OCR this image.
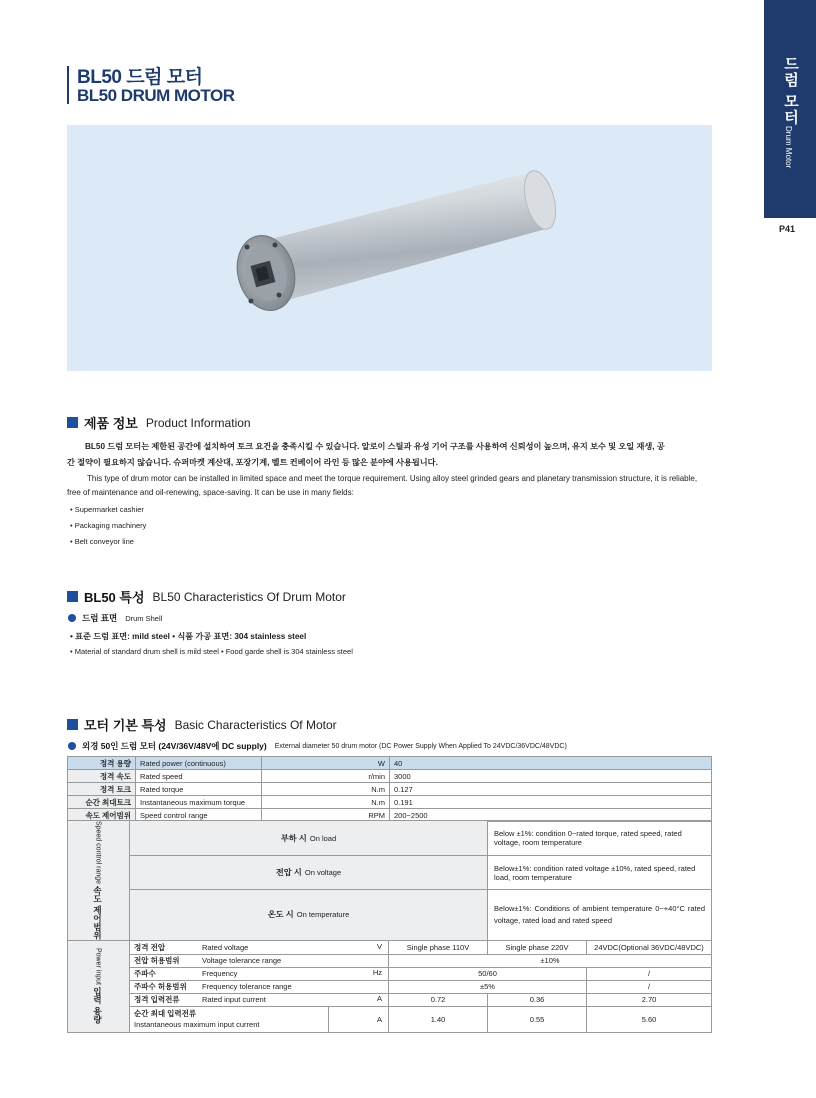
드럼 모터
Drum Motor
P41
BL50 드럼 모터
BL50 DRUM MOTOR
제품 정보 Product Information
BL50 드럼 모터는 제한된 공간에 설치하여 토크 요건을 충족시킬 수 있습니다. 알로이 스틸과 유성 기어 구조를 사용하여 신뢰성이 높으며, 유지 보수 및 오일 재생, 공
간 절약이 필요하지 않습니다. 슈퍼마켓 계산대, 포장기계, 벨트 컨베이어 라인 등 많은 분야에 사용됩니다.
This type of drum motor can be installed in limited space and meet the torque requirement. Using alloy steel grinded gears and planetary transmission structure, it is reliable,
free of maintenance and oil-renewing, space-saving. It can be use in many fields:
• Supermarket cashier
• Packaging machinery
• Belt conveyor line
BL50 특성 BL50 Characteristics Of Drum Motor
드럼 표면 Drum Shell
• 표준 드럼 표면: mild steel • 식품 가공 표면: 304 stainless steel
• Material of standard drum shell is mild steel • Food garde shell is 304 stainless steel
모터 기본 특성 Basic Characteristics Of Motor
외경 50인 드럼 모터 (24V/36V/48V에 DC supply) External diameter 50 drum motor (DC Power Supply When Applied To 24VDC/36VDC/48VDC)
정격 용량	Rated power (continuous)	W	40
정격 속도	Rated speed	r/min	3000
정격 토크	Rated torque	N.m	0.127
순간 최대토크	Instantaneous maximum torque	N.m	0.191
속도 제어범위	Speed control range	RPM	200~2500
Speed control range 속도 제어범위	부하 시 On load			Below ±1%: condition 0~rated torque, rated speed, rated voltage, room temperature	
	전압 시 On voltage			Below±1%: condition rated voltage ±10%, rated speed, rated load, room temperature	
	온도 시 On temperature			Below±1%: Conditions of ambient temperature 0~+40°C rated voltage, rated load and rated speed	
Power input 입력 용량	정격 전압 Rated voltage V		Single phase 110V	Single phase 220V	24VDC(Optional 36VDC/48VDC)
	전압 허용범위 Voltage tolerance range		±10%		
	주파수 Frequency Hz		50/60		/
	주파수 허용범위 Frequency tolerance range		±5%		/
	정격 입력전류 Rated input current A		0.72	0.36	2.70

	순간 최대 입력전류
Instantaneous maximum input current	A	1.40	0.55	5.60
